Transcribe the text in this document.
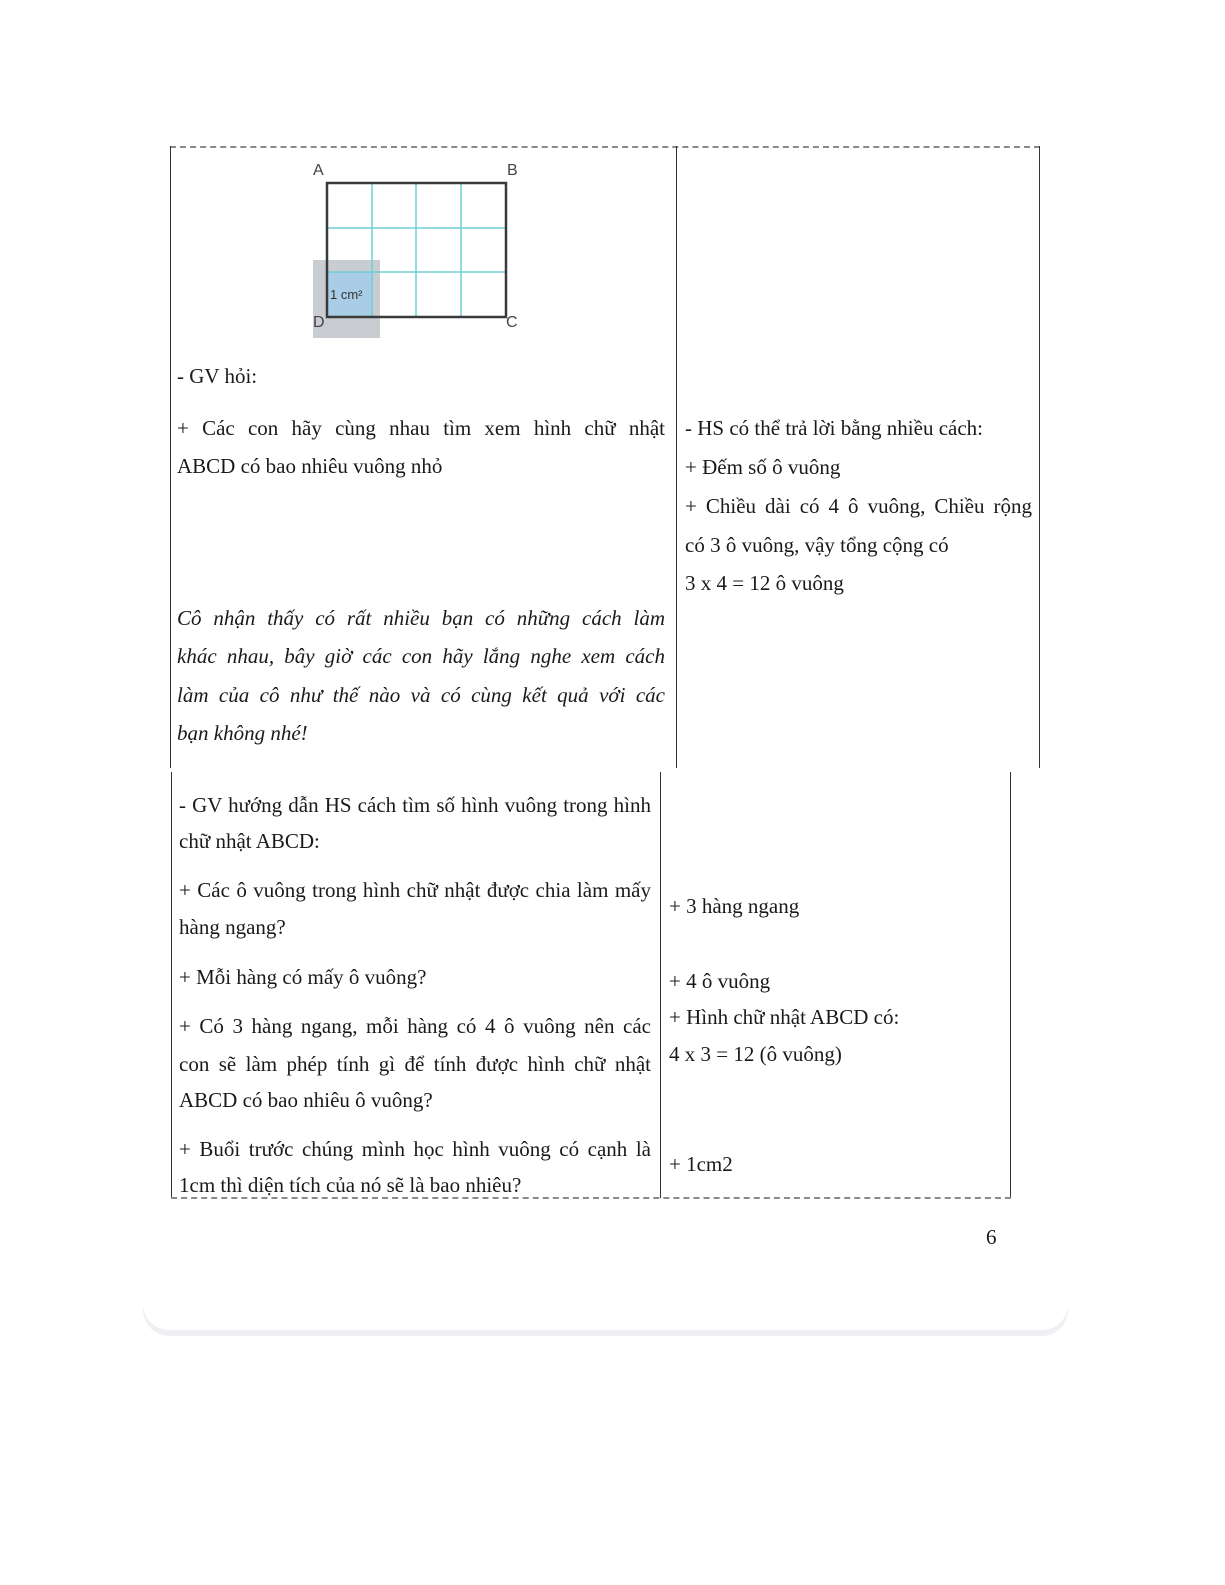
A	B
C
D
1 cm²
- GV hỏi:
+ Các con hãy cùng nhau tìm xem hình chữ nhật
ABCD có bao nhiêu vuông nhỏ
Cô nhận thấy có rất nhiều bạn có những cách làm
khác nhau, bây giờ các con hãy lắng nghe xem cách
làm của cô như thế nào và có cùng kết quả với các
bạn không nhé!
- HS có thể trả lời bằng nhiều cách:
+ Đếm số ô vuông
+ Chiều dài có 4 ô vuông, Chiều rộng
có 3 ô vuông, vậy tổng cộng có
3 x 4 = 12 ô vuông
- GV hướng dẫn HS cách tìm số hình vuông trong hình
chữ nhật ABCD:
+ Các ô vuông trong hình chữ nhật được chia làm mấy
hàng ngang?
+ Mỗi hàng có mấy ô vuông?
+ Có 3 hàng ngang, mỗi hàng có 4 ô vuông nên các
con sẽ làm phép tính gì để tính được hình chữ nhật
ABCD có bao nhiêu ô vuông?
+ Buổi trước chúng mình học hình vuông có cạnh là
1cm thì diện tích của nó sẽ là bao nhiêu?
+ 3 hàng ngang
+ 4 ô vuông
+ Hình chữ nhật ABCD có:
4 x 3 = 12 (ô vuông)
+ 1cm2
6
